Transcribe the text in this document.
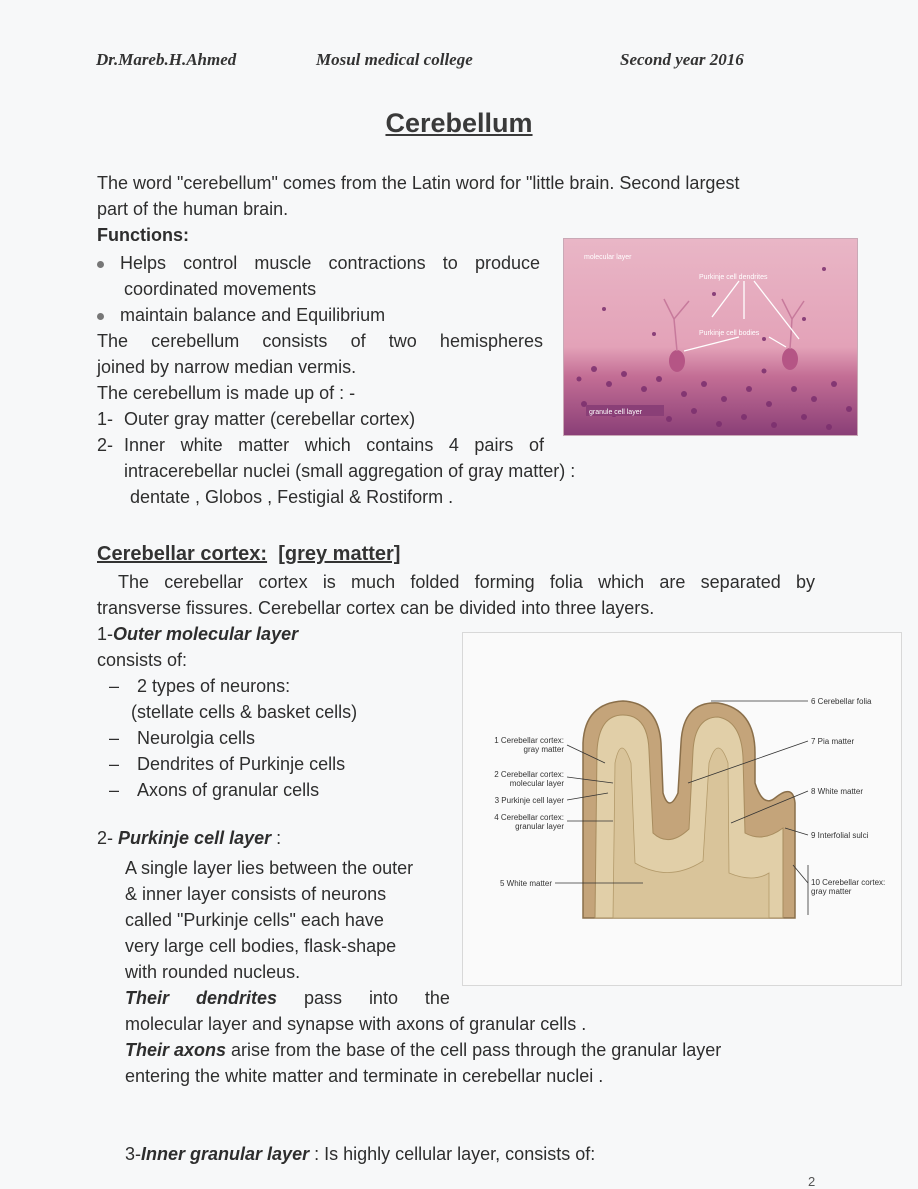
Dr.Mareb.H.Ahmed	Mosul medical college	Second year 2016
Cerebellum
The word "cerebellum" comes from the Latin word for "little brain. Second largest
part of the human brain.
Functions:
Helps control muscle contractions to produce
coordinated movements
maintain balance and Equilibrium
The cerebellum consists of two hemispheres
joined by narrow median vermis.
The cerebellum is made up of : -
1- Outer gray matter (cerebellar cortex)
2- Inner white matter which contains 4 pairs of
intracerebellar nuclei (small aggregation of gray matter) :
dentate , Globos , Festigial & Rostiform .
molecular layer
Purkinje cell dendrites
Purkinje cell bodies
granule cell layer
Cerebellar cortex: [grey matter]
The cerebellar cortex is much folded forming folia which are separated by
transverse fissures. Cerebellar cortex can be divided into three layers.
1-Outer molecular layer
consists of:
– 2 types of neurons:
(stellate cells & basket cells)
– Neurolgia cells
– Dendrites of Purkinje cells
– Axons of granular cells
2- Purkinje cell layer :
A single layer lies between the outer
& inner layer consists of neurons
called "Purkinje cells" each have
very large cell bodies, flask-shape
with rounded nucleus.
Their dendrites pass into the
molecular layer and synapse with axons of granular cells .
Their axons arise from the base of the cell pass through the granular layer
entering the white matter and terminate in cerebellar nuclei .
3-Inner granular layer : Is highly cellular layer, consists of:
1 Cerebellar cortex:
gray matter
2 Cerebellar cortex:
molecular layer
3 Purkinje cell layer
4 Cerebellar cortex:
granular layer
5 White matter
6 Cerebellar folia
7 Pia matter
8 White matter
9 Interfolial sulci
10 Cerebellar cortex:
gray matter
2
